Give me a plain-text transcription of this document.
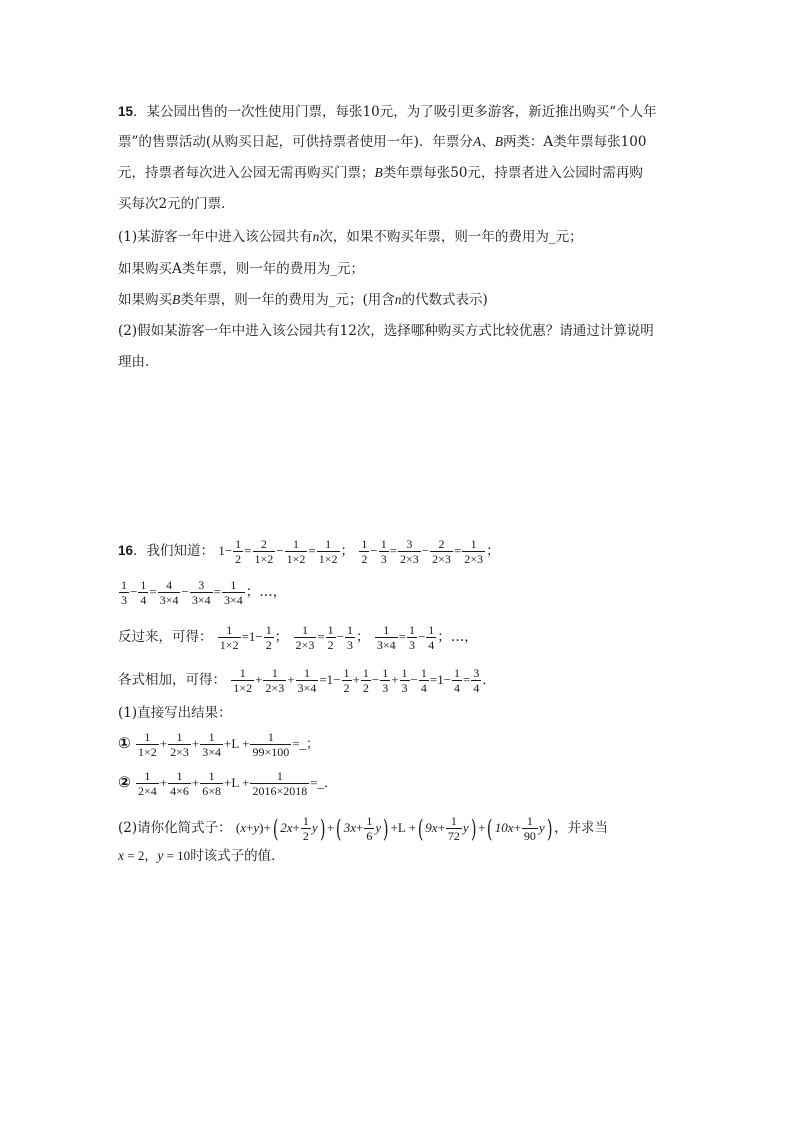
15．某公园出售的一次性使用门票，每张10元，为了吸引更多游客，新近推出购买“个人年
票”的售票活动(从购买日起，可供持票者使用一年)．年票分A、B两类：A类年票每张100
元，持票者每次进入公园无需再购买门票；B类年票每张50元，持票者进入公园时需再购
买每次2元的门票．
(1)某游客一年中进入该公园共有n次，如果不购买年票，则一年的费用为_元；
如果购买A类年票，则一年的费用为_元；
如果购买B类年票，则一年的费用为_元；(用含n的代数式表示)
(2)假如某游客一年中进入该公园共有12次，选择哪种购买方式比较优惠？请通过计算说明
理由．
16．我们知道： $1- \frac{1}{2} = \frac{2}{1\times 2} - \frac{1}{1\times 2} = \frac{1}{1\times 2}$ ； $\frac{1}{2} - \frac{1}{3} = \frac{3}{2\times 3} - \frac{2}{2\times 3} = \frac{1}{2\times 3}$ ；
$\frac{1}{3} - \frac{1}{4} = \frac{4}{3\times 4} - \frac{3}{3\times 4} = \frac{1}{3\times 4}$ ；…，
反过来，可得： $\frac{1}{1\times 2} =1- \frac{1}{2}$ ； $\frac{1}{2\times 3} = \frac{1}{2} - \frac{1}{3}$ ； $\frac{1}{3\times 4} = \frac{1}{3} - \frac{1}{4}$ ；…，
各式相加，可得： $\frac{1}{1\times 2} + \frac{1}{2\times 3} + \frac{1}{3\times 4} =1- \frac{1}{2} + \frac{1}{2} - \frac{1}{3} + \frac{1}{3} - \frac{1}{4} =1- \frac{1}{4} = \frac{3}{4}$ ．
(1)直接写出结果：
① $\frac{1}{1\times 2} + \frac{1}{2\times 3} + \frac{1}{3\times 4} +L + \frac{1}{99\times 100}$ =_；
② $\frac{1}{2\times 4} + \frac{1}{4\times 6} + \frac{1}{6\times 8} +L + \frac{1}{2016\times 2018}$ =_．
(2)请你化简式子： (x+y)+( $2x+ \frac{1}{2} y$) +( $3x+ \frac{1}{6} y) +L$ +( $9x+ \frac{1}{72} y$) +( $10x+ \frac{1}{90} y$) ，并求当
x = 2，y = 10时该式子的值．
